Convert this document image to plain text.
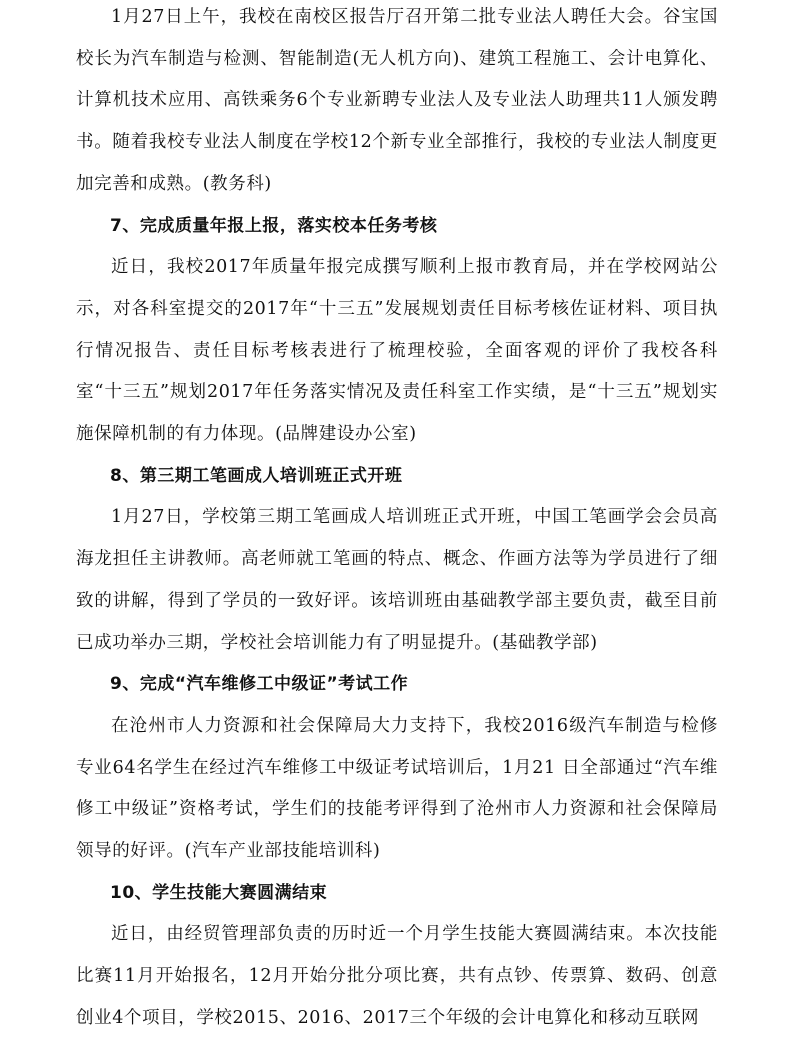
1月27日上午，我校在南校区报告厅召开第二批专业法人聘任大会。谷宝国校长为汽车制造与检测、智能制造(无人机方向)、建筑工程施工、会计电算化、计算机技术应用、高铁乘务6个专业新聘专业法人及专业法人助理共11人颁发聘书。随着我校专业法人制度在学校12个新专业全部推行，我校的专业法人制度更加完善和成熟。(教务科)

7、完成质量年报上报，落实校本任务考核

近日，我校2017年质量年报完成撰写顺利上报市教育局，并在学校网站公示，对各科室提交的2017年“十三五”发展规划责任目标考核佐证材料、项目执行情况报告、责任目标考核表进行了梳理校验，全面客观的评价了我校各科室“十三五”规划2017年任务落实情况及责任科室工作实绩，是“十三五”规划实施保障机制的有力体现。(品牌建设办公室)

8、第三期工笔画成人培训班正式开班

1月27日，学校第三期工笔画成人培训班正式开班，中国工笔画学会会员高海龙担任主讲教师。高老师就工笔画的特点、概念、作画方法等为学员进行了细致的讲解，得到了学员的一致好评。该培训班由基础教学部主要负责，截至目前已成功举办三期，学校社会培训能力有了明显提升。(基础教学部)

9、完成“汽车维修工中级证”考试工作

在沧州市人力资源和社会保障局大力支持下，我校2016级汽车制造与检修专业64名学生在经过汽车维修工中级证考试培训后，1月21 日全部通过“汽车维修工中级证”资格考试，学生们的技能考评得到了沧州市人力资源和社会保障局领导的好评。(汽车产业部技能培训科)

10、学生技能大赛圆满结束

近日，由经贸管理部负责的历时近一个月学生技能大赛圆满结束。本次技能比赛11月开始报名，12月开始分批分项比赛，共有点钞、传票算、数码、创意创业4个项目，学校2015、2016、2017三个年级的会计电算化和移动互联网
